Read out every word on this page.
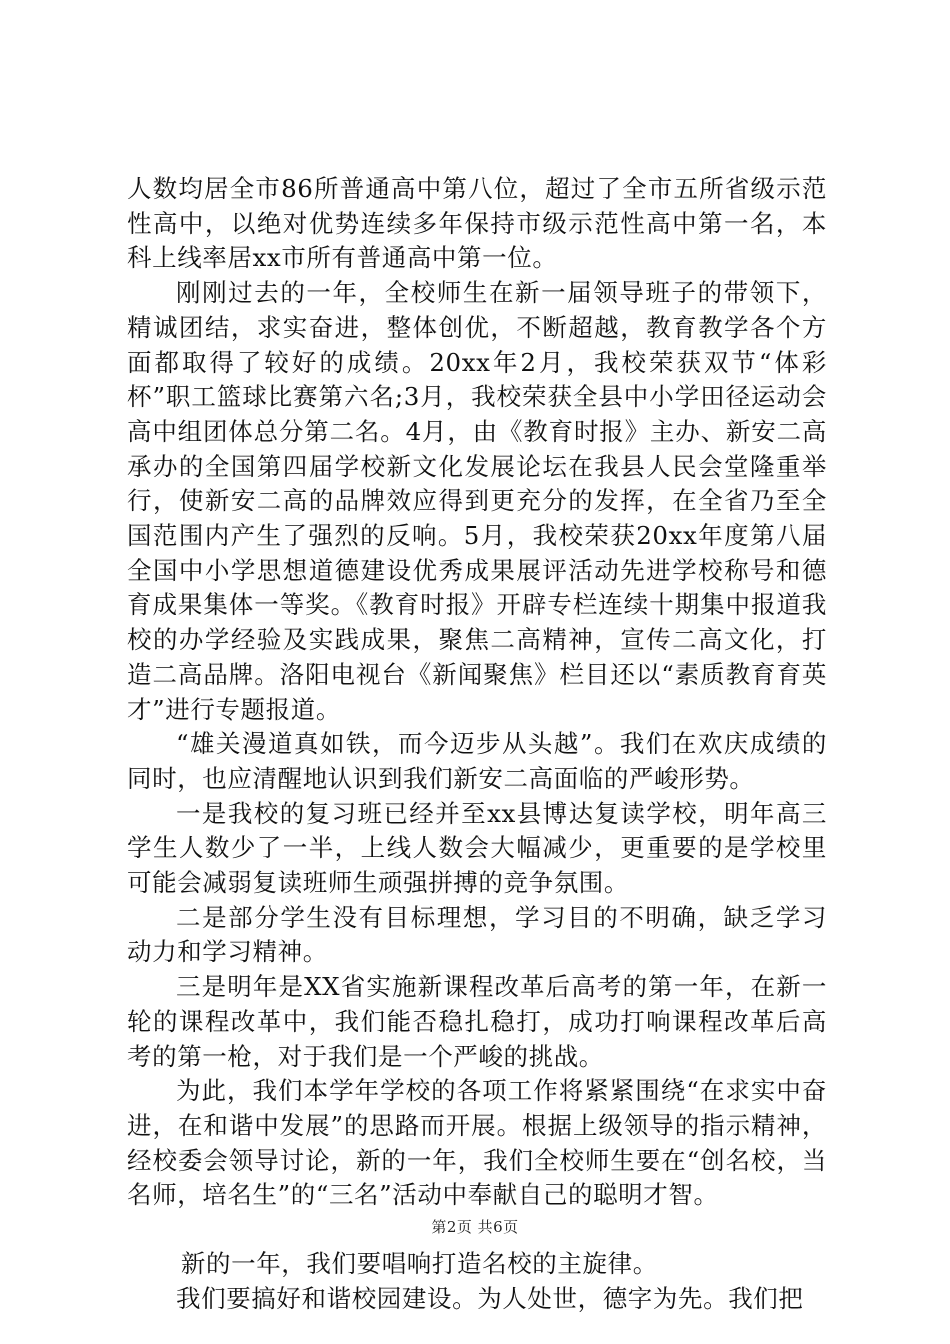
人数均居全市86所普通高中第八位，超过了全市五所省级示范性高中，以绝对优势连续多年保持市级示范性高中第一名，本科上线率居xx市所有普通高中第一位。

刚刚过去的一年，全校师生在新一届领导班子的带领下，精诚团结，求实奋进，整体创优，不断超越，教育教学各个方面都取得了较好的成绩。20xx年2月，我校荣获双节“体彩杯”职工篮球比赛第六名;3月，我校荣获全县中小学田径运动会高中组团体总分第二名。4月，由《教育时报》主办、新安二高承办的全国第四届学校新文化发展论坛在我县人民会堂隆重举行，使新安二高的品牌效应得到更充分的发挥，在全省乃至全国范围内产生了强烈的反响。5月，我校荣获20xx年度第八届全国中小学思想道德建设优秀成果展评活动先进学校称号和德育成果集体一等奖。《教育时报》开辟专栏连续十期集中报道我校的办学经验及实践成果，聚焦二高精神，宣传二高文化，打造二高品牌。洛阳电视台《新闻聚焦》栏目还以“素质教育育英才”进行专题报道。

“雄关漫道真如铁，而今迈步从头越”。我们在欢庆成绩的同时，也应清醒地认识到我们新安二高面临的严峻形势。

一是我校的复习班已经并至xx县博达复读学校，明年高三学生人数少了一半，上线人数会大幅减少，更重要的是学校里可能会减弱复读班师生顽强拼搏的竞争氛围。

二是部分学生没有目标理想，学习目的不明确，缺乏学习动力和学习精神。

三是明年是XX省实施新课程改革后高考的第一年，在新一轮的课程改革中，我们能否稳扎稳打，成功打响课程改革后高考的第一枪，对于我们是一个严峻的挑战。

为此，我们本学年学校的各项工作将紧紧围绕“在求实中奋进，在和谐中发展”的思路而开展。根据上级领导的指示精神，经校委会领导讨论，新的一年，我们全校师生要在“创名校，当名师，培名生”的“三名”活动中奉献自己的聪明才智。

新的一年，我们要唱响打造名校的主旋律。

我们要搞好和谐校园建设。为人处世，德字为先。我们把

第2页 共6页
